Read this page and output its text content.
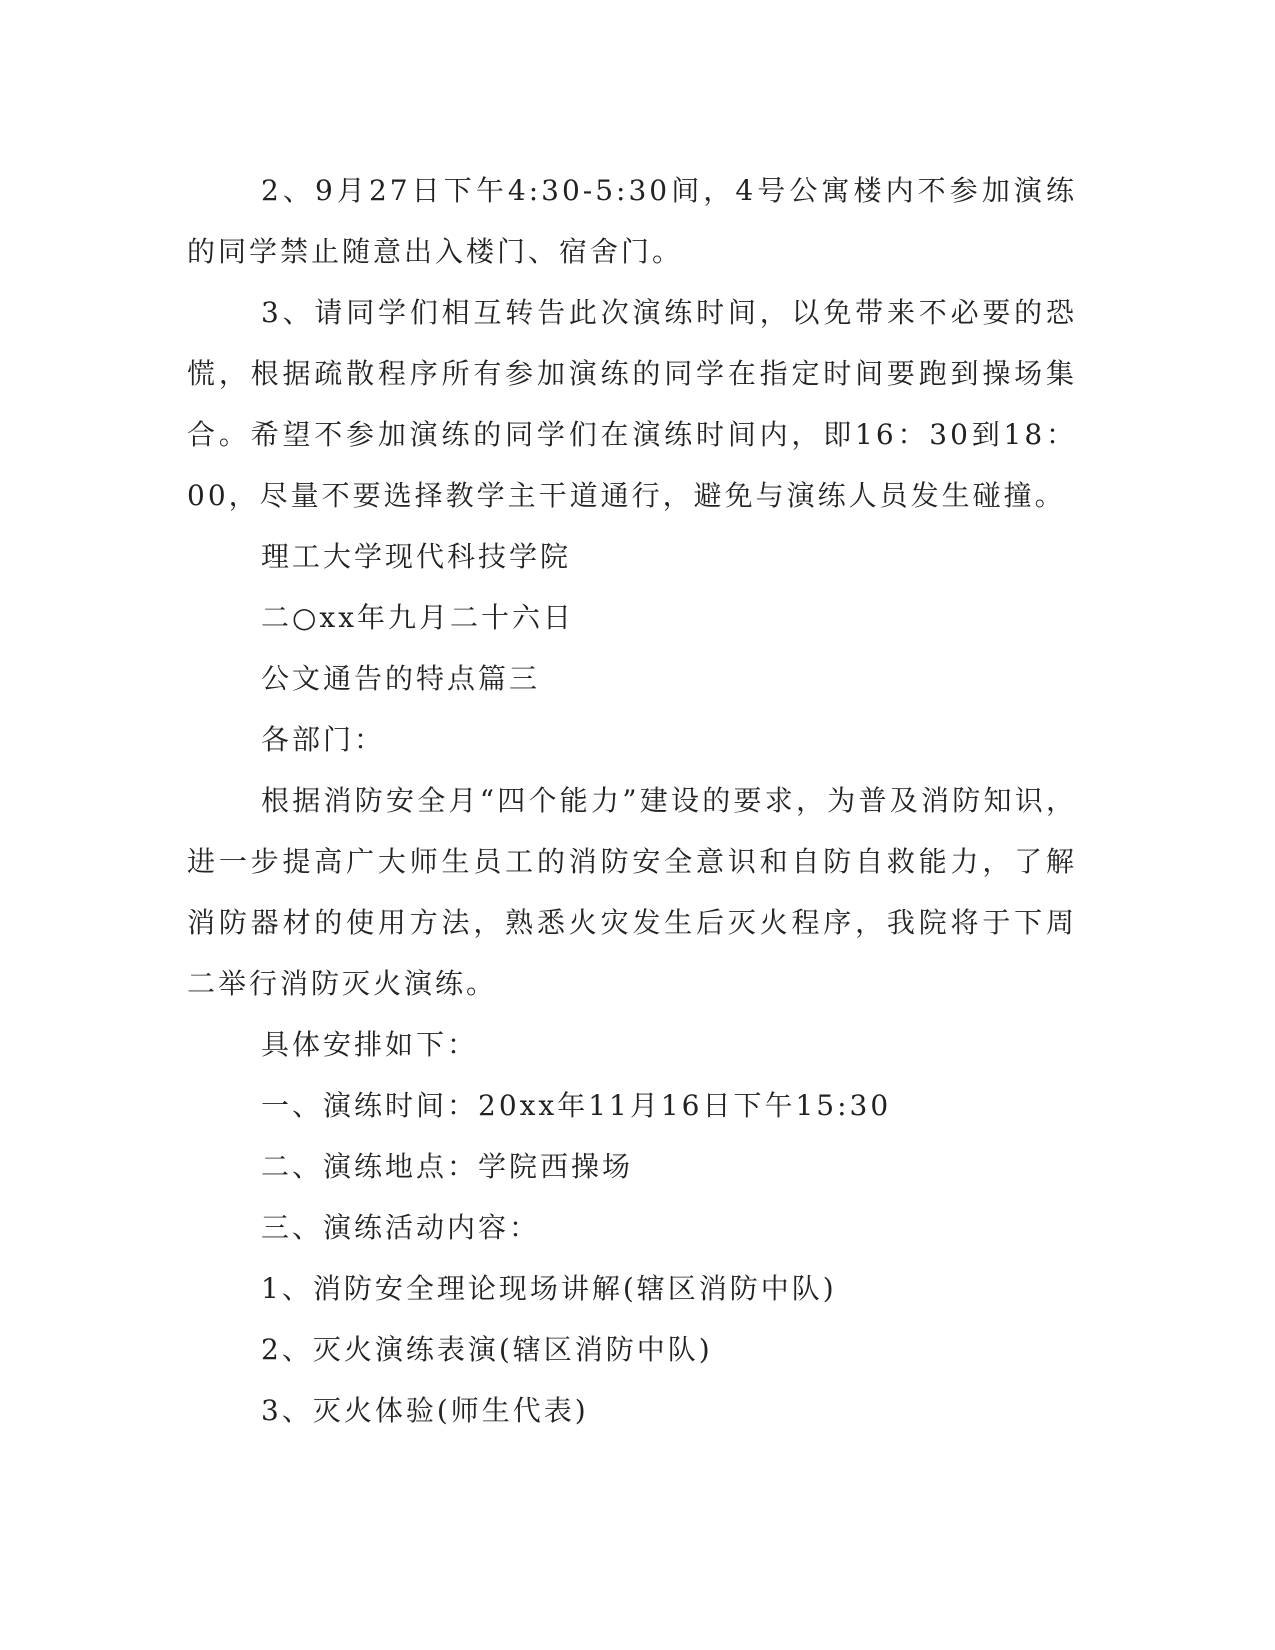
2、9月27日下午4:30-5:30间，4号公寓楼内不参加演练的同学禁止随意出入楼门、宿舍门。

3、请同学们相互转告此次演练时间，以免带来不必要的恐慌，根据疏散程序所有参加演练的同学在指定时间要跑到操场集合。希望不参加演练的同学们在演练时间内，即16：30到18：00，尽量不要选择教学主干道通行，避免与演练人员发生碰撞。

理工大学现代科技学院

二○xx年九月二十六日

公文通告的特点篇三

各部门：

根据消防安全月“四个能力”建设的要求，为普及消防知识，进一步提高广大师生员工的消防安全意识和自防自救能力，了解消防器材的使用方法，熟悉火灾发生后灭火程序，我院将于下周二举行消防灭火演练。

具体安排如下：

一、演练时间：20xx年11月16日下午15:30

二、演练地点：学院西操场

三、演练活动内容：

1、消防安全理论现场讲解(辖区消防中队)

2、灭火演练表演(辖区消防中队)

3、灭火体验(师生代表)
